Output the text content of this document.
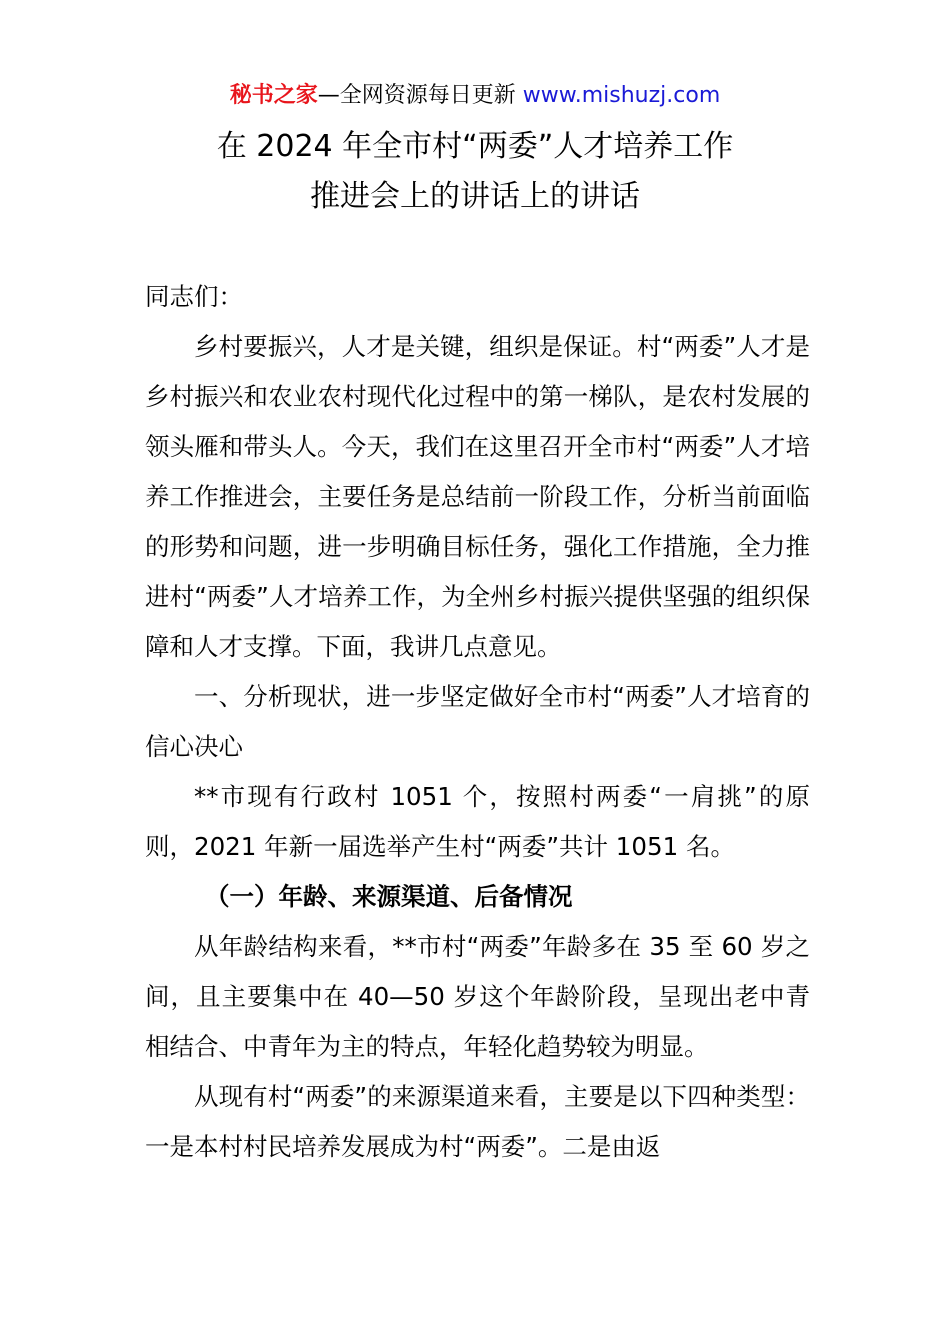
秘书之家—全网资源每日更新 www.mishuzj.com
在 2024 年全市村“两委”人才培养工作
推进会上的讲话上的讲话

同志们：

乡村要振兴，人才是关键，组织是保证。村“两委”人才是乡村振兴和农业农村现代化过程中的第一梯队，是农村发展的领头雁和带头人。今天，我们在这里召开全市村“两委”人才培养工作推进会，主要任务是总结前一阶段工作，分析当前面临的形势和问题，进一步明确目标任务，强化工作措施，全力推进村“两委”人才培养工作，为全州乡村振兴提供坚强的组织保障和人才支撑。下面，我讲几点意见。

一、分析现状，进一步坚定做好全市村“两委”人才培育的信心决心

**市现有行政村 1051 个，按照村两委“一肩挑”的原则，2021 年新一届选举产生村“两委”共计 1051 名。

（一）年龄、来源渠道、后备情况

从年龄结构来看，**市村“两委”年龄多在 35 至 60 岁之间，且主要集中在 40—50 岁这个年龄阶段，呈现出老中青相结合、中青年为主的特点，年轻化趋势较为明显。

从现有村“两委”的来源渠道来看，主要是以下四种类型：一是本村村民培养发展成为村“两委”。二是由返
